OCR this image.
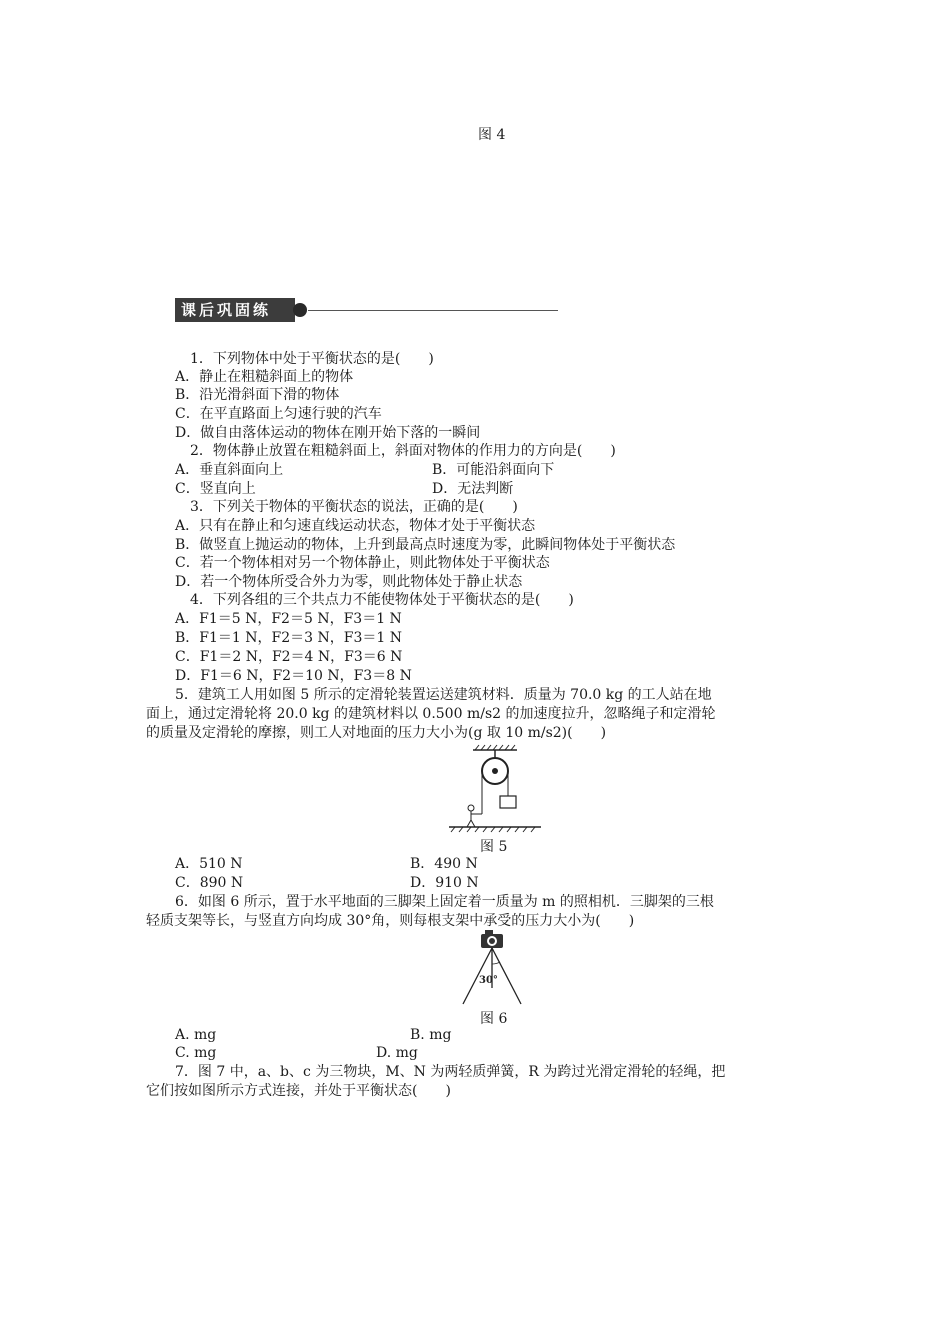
图 4
课后巩固练
1．下列物体中处于平衡状态的是(　　)
A．静止在粗糙斜面上的物体
B．沿光滑斜面下滑的物体
C．在平直路面上匀速行驶的汽车
D．做自由落体运动的物体在刚开始下落的一瞬间
2．物体静止放置在粗糙斜面上，斜面对物体的作用力的方向是(　　)
A．垂直斜面向上	B．可能沿斜面向下
C．竖直向上	D．无法判断
3．下列关于物体的平衡状态的说法，正确的是(　　)
A．只有在静止和匀速直线运动状态，物体才处于平衡状态
B．做竖直上抛运动的物体，上升到最高点时速度为零，此瞬间物体处于平衡状态
C．若一个物体相对另一个物体静止，则此物体处于平衡状态
D．若一个物体所受合外力为零，则此物体处于静止状态
4．下列各组的三个共点力不能使物体处于平衡状态的是(　　)
A．F1＝5 N，F2＝5 N，F3＝1 N
B．F1＝1 N，F2＝3 N，F3＝1 N
C．F1＝2 N，F2＝4 N，F3＝6 N
D．F1＝6 N，F2＝10 N，F3＝8 N
5．建筑工人用如图 5 所示的定滑轮装置运送建筑材料．质量为 70.0 kg 的工人站在地
面上，通过定滑轮将 20.0 kg 的建筑材料以 0.500 m/s2 的加速度拉升，忽略绳子和定滑轮
的质量及定滑轮的摩擦，则工人对地面的压力大小为(g 取 10 m/s2)(　　)
图 5
A．510 N	B．490 N
C．890 N	D．910 N
6．如图 6 所示，置于水平地面的三脚架上固定着一质量为 m 的照相机．三脚架的三根
轻质支架等长，与竖直方向均成 30°角，则每根支架中承受的压力大小为(　　)
30°
图 6
A. mg	B. mg
C. mg	D. mg
7．图 7 中，a、b、c 为三物块，M、N 为两轻质弹簧，R 为跨过光滑定滑轮的轻绳，把
它们按如图所示方式连接，并处于平衡状态(　　)
